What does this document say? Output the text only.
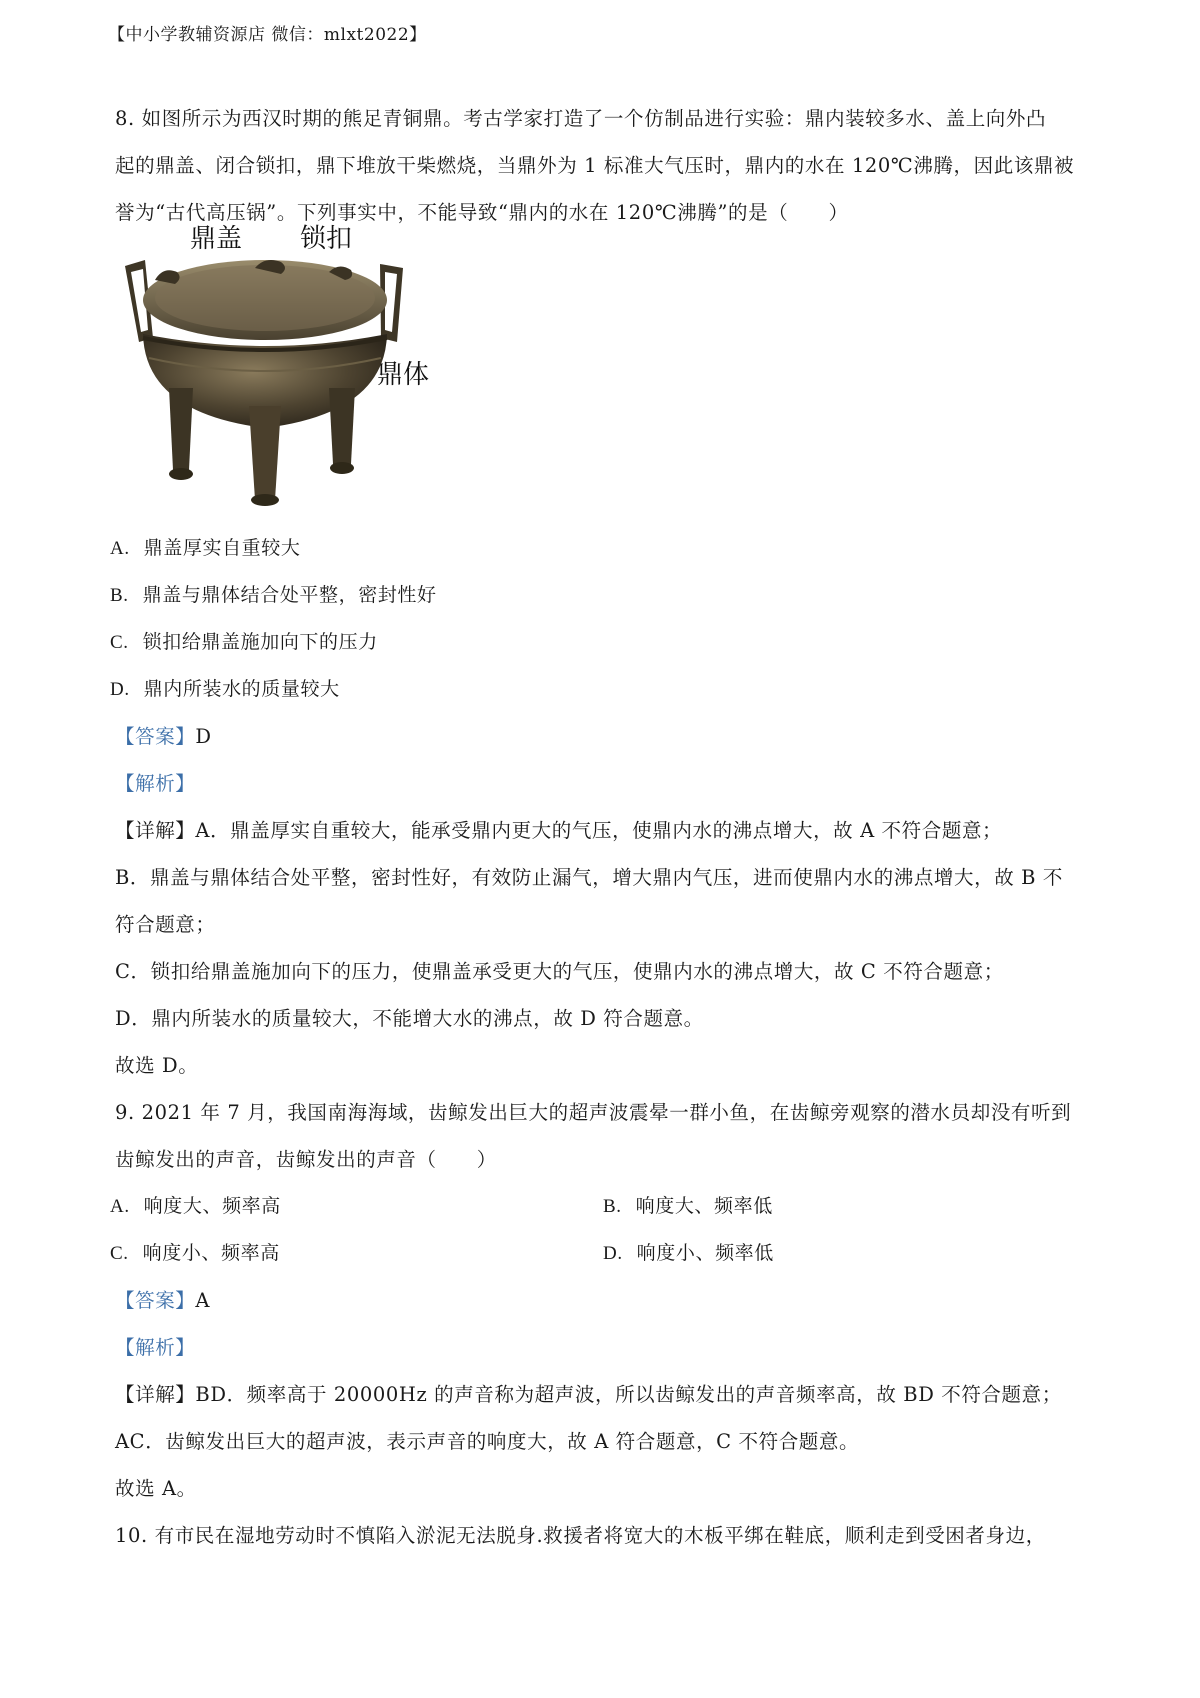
【中小学教辅资源店 微信：mlxt2022】
8. 如图所示为西汉时期的熊足青铜鼎。考古学家打造了一个仿制品进行实验：鼎内装较多水、盖上向外凸
起的鼎盖、闭合锁扣，鼎下堆放干柴燃烧，当鼎外为 1 标准大气压时，鼎内的水在 120℃沸腾，因此该鼎被
誉为“古代高压锅”。下列事实中，不能导致“鼎内的水在 120℃沸腾”的是（　　）
鼎盖 锁扣
鼎体
A. 鼎盖厚实自重较大
B. 鼎盖与鼎体结合处平整，密封性好
C. 锁扣给鼎盖施加向下的压力
D. 鼎内所装水的质量较大
【答案】D
【解析】
【详解】A．鼎盖厚实自重较大，能承受鼎内更大的气压，使鼎内水的沸点增大，故 A 不符合题意；
B．鼎盖与鼎体结合处平整，密封性好，有效防止漏气，增大鼎内气压，进而使鼎内水的沸点增大，故 B 不
符合题意；
C．锁扣给鼎盖施加向下的压力，使鼎盖承受更大的气压，使鼎内水的沸点增大，故 C 不符合题意；
D．鼎内所装水的质量较大，不能增大水的沸点，故 D 符合题意。
故选 D。
9. 2021 年 7 月，我国南海海域，齿鲸发出巨大的超声波震晕一群小鱼，在齿鲸旁观察的潜水员却没有听到
齿鲸发出的声音，齿鲸发出的声音（　　）
A. 响度大、频率高	B. 响度大、频率低
C. 响度小、频率高	D. 响度小、频率低
【答案】A
【解析】
【详解】BD．频率高于 20000Hz 的声音称为超声波，所以齿鲸发出的声音频率高，故 BD 不符合题意；
AC．齿鲸发出巨大的超声波，表示声音的响度大，故 A 符合题意，C 不符合题意。
故选 A。
10. 有市民在湿地劳动时不慎陷入淤泥无法脱身.救援者将宽大的木板平绑在鞋底，顺利走到受困者身边，
